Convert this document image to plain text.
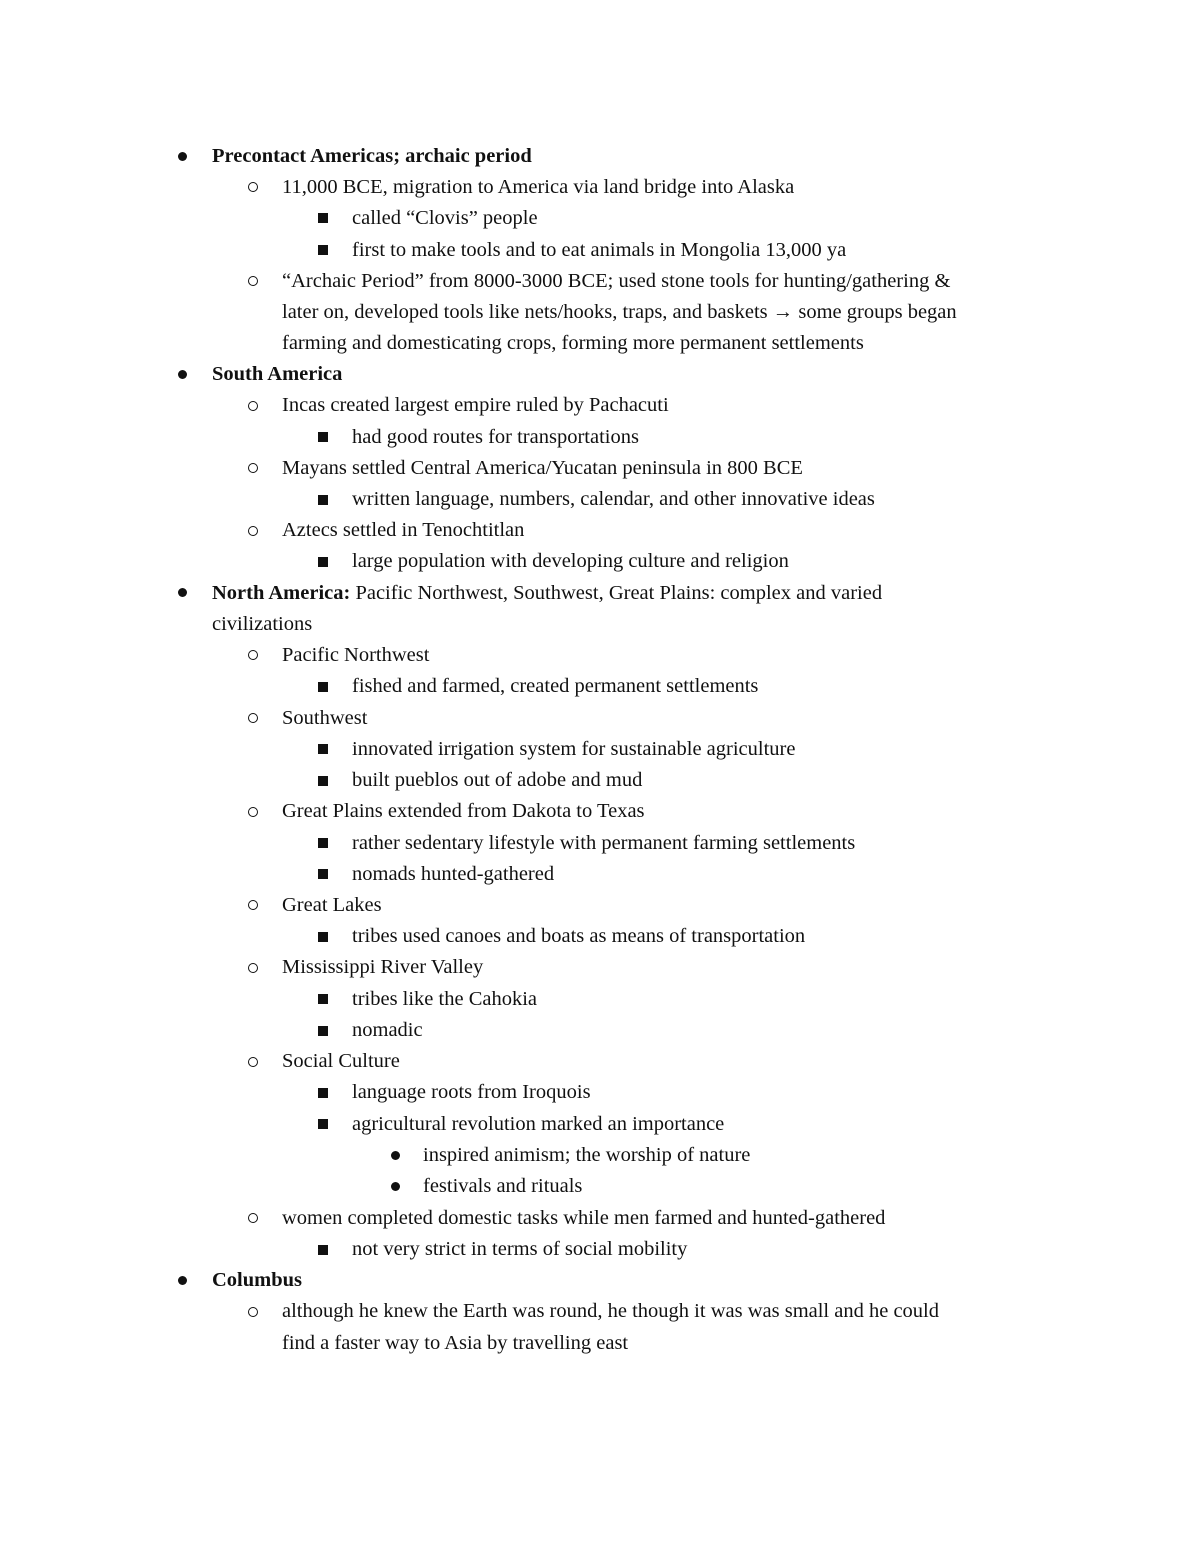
Precontact Americas; archaic period
11,000 BCE, migration to America via land bridge into Alaska
called “Clovis” people
first to make tools and to eat animals in Mongolia 13,000 ya
“Archaic Period” from 8000-3000 BCE; used stone tools for hunting/gathering &
later on, developed tools like nets/hooks, traps, and baskets → some groups began
farming and domesticating crops, forming more permanent settlements
South America
Incas created largest empire ruled by Pachacuti
had good routes for transportations
Mayans settled Central America/Yucatan peninsula in 800 BCE
written language, numbers, calendar, and other innovative ideas
Aztecs settled in Tenochtitlan
large population with developing culture and religion
North America: Pacific Northwest, Southwest, Great Plains: complex and varied
civilizations
Pacific Northwest
fished and farmed, created permanent settlements
Southwest
innovated irrigation system for sustainable agriculture
built pueblos out of adobe and mud
Great Plains extended from Dakota to Texas
rather sedentary lifestyle with permanent farming settlements
nomads hunted-gathered
Great Lakes
tribes used canoes and boats as means of transportation
Mississippi River Valley
tribes like the Cahokia
nomadic
Social Culture
language roots from Iroquois
agricultural revolution marked an importance
inspired animism; the worship of nature
festivals and rituals
women completed domestic tasks while men farmed and hunted-gathered
not very strict in terms of social mobility
Columbus
although he knew the Earth was round, he though it was was small and he could
find a faster way to Asia by travelling east
